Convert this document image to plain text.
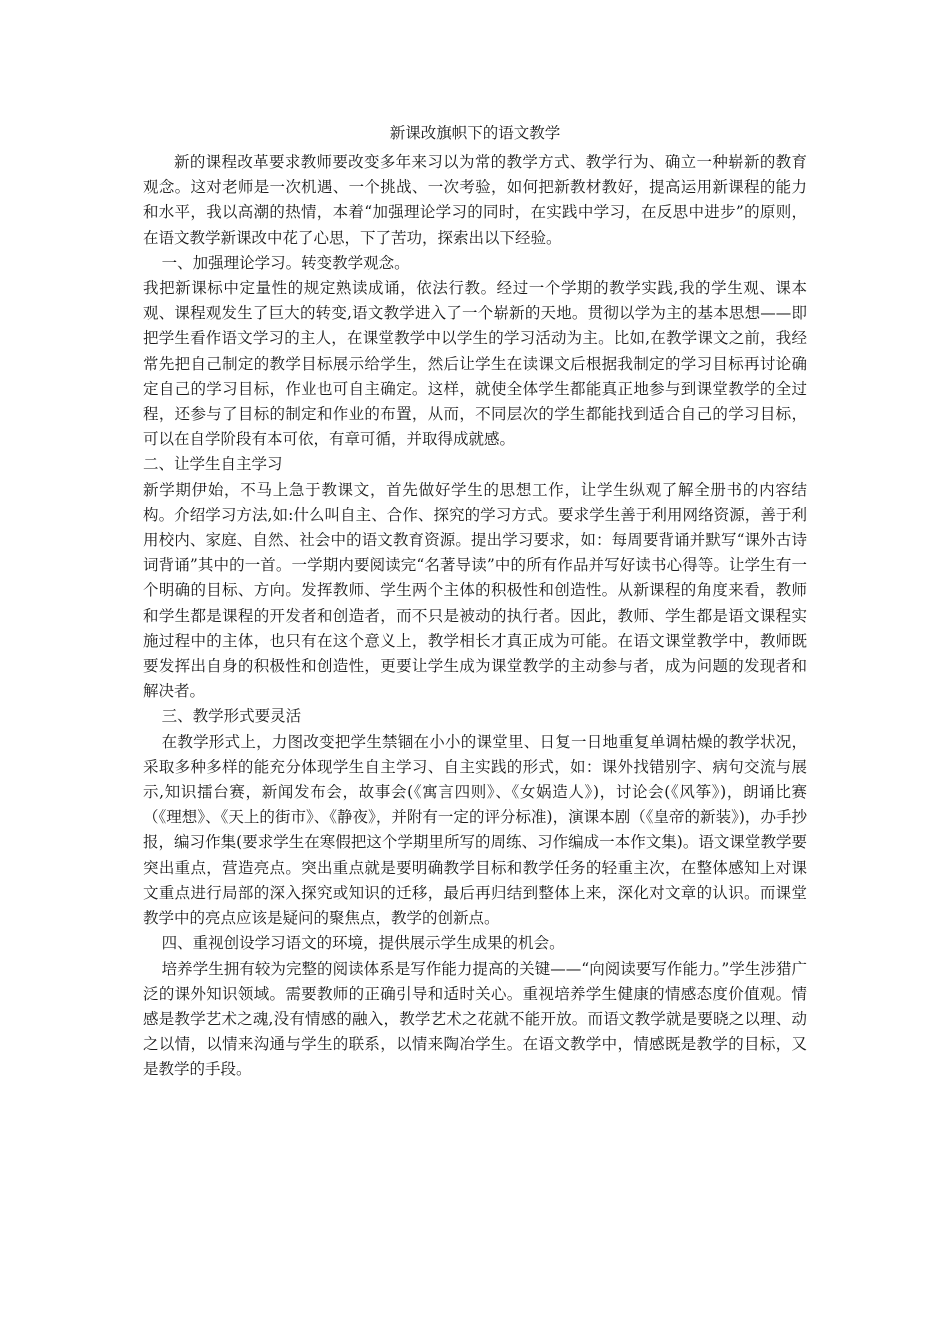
新课改旗帜下的语文教学

新的课程改革要求教师要改变多年来习以为常的教学方式、教学行为、确立一种崭新的教育观念。这对老师是一次机遇、一个挑战、一次考验，如何把新教材教好，提高运用新课程的能力和水平，我以高潮的热情，本着“加强理论学习的同时，在实践中学习，在反思中进步”的原则，在语文教学新课改中花了心思，下了苦功，探索出以下经验。

一、加强理论学习。转变教学观念。

我把新课标中定量性的规定熟读成诵，依法行教。经过一个学期的教学实践,我的学生观、课本观、课程观发生了巨大的转变,语文教学进入了一个崭新的天地。贯彻以学为主的基本思想——即把学生看作语文学习的主人，在课堂教学中以学生的学习活动为主。比如,在教学课文之前，我经常先把自己制定的教学目标展示给学生，然后让学生在读课文后根据我制定的学习目标再讨论确定自己的学习目标，作业也可自主确定。这样，就使全体学生都能真正地参与到课堂教学的全过程，还参与了目标的制定和作业的布置，从而，不同层次的学生都能找到适合自己的学习目标，可以在自学阶段有本可依，有章可循，并取得成就感。

二、让学生自主学习

新学期伊始，不马上急于教课文，首先做好学生的思想工作，让学生纵观了解全册书的内容结构。介绍学习方法,如:什么叫自主、合作、探究的学习方式。要求学生善于利用网络资源，善于利用校内、家庭、自然、社会中的语文教育资源。提出学习要求，如：每周要背诵并默写“课外古诗词背诵”其中的一首。一学期内要阅读完“名著导读”中的所有作品并写好读书心得等。让学生有一个明确的目标、方向。发挥教师、学生两个主体的积极性和创造性。从新课程的角度来看，教师和学生都是课程的开发者和创造者，而不只是被动的执行者。因此，教师、学生都是语文课程实施过程中的主体，也只有在这个意义上，教学相长才真正成为可能。在语文课堂教学中，教师既要发挥出自身的积极性和创造性，更要让学生成为课堂教学的主动参与者，成为问题的发现者和解决者。

三、教学形式要灵活

在教学形式上，力图改变把学生禁锢在小小的课堂里、日复一日地重复单调枯燥的教学状况，采取多种多样的能充分体现学生自主学习、自主实践的形式，如：课外找错别字、病句交流与展示,知识擂台赛，新闻发布会，故事会(《寓言四则》、《女娲造人》)，讨论会(《风筝》)，朗诵比赛（《理想》、《天上的街市》、《静夜》，并附有一定的评分标准)，演课本剧（《皇帝的新装》)，办手抄报，编习作集(要求学生在寒假把这个学期里所写的周练、习作编成一本作文集)。语文课堂教学要突出重点，营造亮点。突出重点就是要明确教学目标和教学任务的轻重主次，在整体感知上对课文重点进行局部的深入探究或知识的迁移，最后再归结到整体上来，深化对文章的认识。而课堂教学中的亮点应该是疑问的聚焦点，教学的创新点。

四、重视创设学习语文的环境，提供展示学生成果的机会。

培养学生拥有较为完整的阅读体系是写作能力提高的关键——“向阅读要写作能力。”学生涉猎广泛的课外知识领域。需要教师的正确引导和适时关心。重视培养学生健康的情感态度价值观。情感是教学艺术之魂,没有情感的融入，教学艺术之花就不能开放。而语文教学就是要晓之以理、动之以情，以情来沟通与学生的联系，以情来陶冶学生。在语文教学中，情感既是教学的目标，又是教学的手段。
